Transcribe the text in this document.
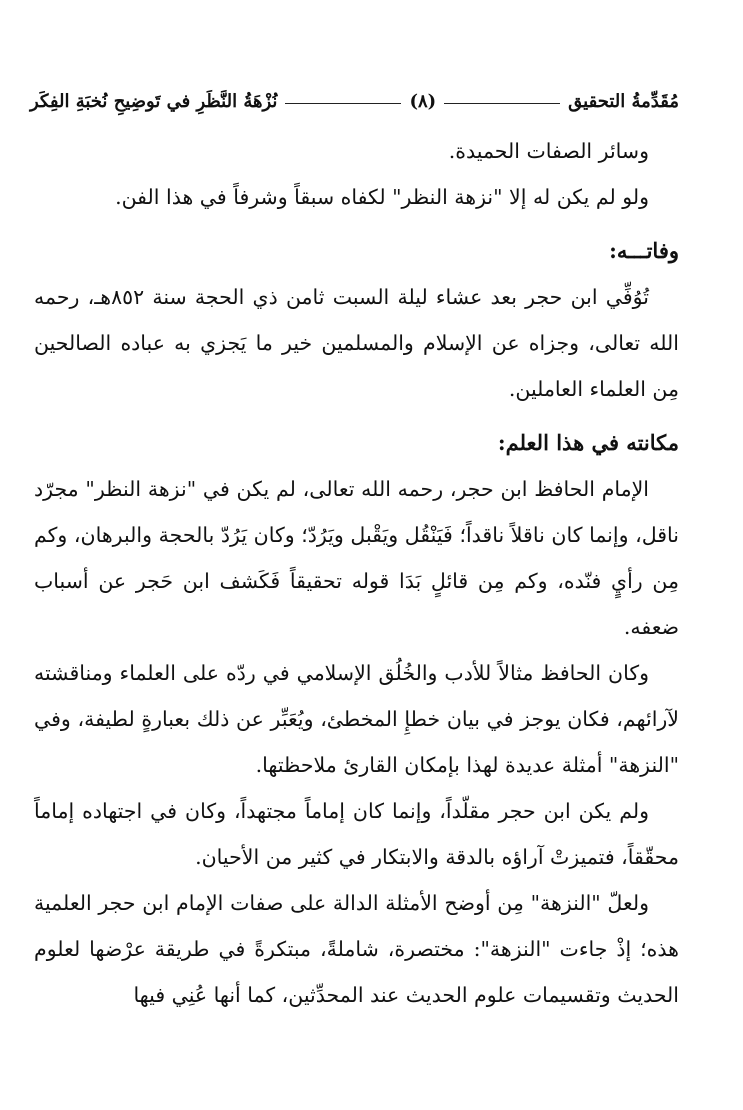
مُقَدِّمةُ التحقيق
(٨)
نُزْهَةُ النَّظَرِ في تَوضِيحِ نُخبَةِ الفِكَر

وسائر الصفات الحميدة.

ولو لم يكن له إلا "نزهة النظر" لكفاه سبقاً وشرفاً في هذا الفن.

وفاتـــه:

تُوُفِّي ابن حجر بعد عشاء ليلة السبت ثامن ذي الحجة سنة ٨٥٢هـ، رحمه الله تعالى، وجزاه عن الإسلام والمسلمين خير ما يَجزي به عباده الصالحين مِن العلماء العاملين.

مكانته في هذا العلم:

الإمام الحافظ ابن حجر، رحمه الله تعالى، لم يكن في "نزهة النظر" مجرّد ناقل، وإنما كان ناقلاً ناقداً؛ فَيَنْقُل ويَقْبل ويَرُدّ؛ وكان يَرُدّ بالحجة والبرهان، وكم مِن رأيٍ فنّده، وكم مِن قائلٍ بَدَا قوله تحقيقاً فَكَشف ابن حَجر عن أسباب ضعفه.

وكان الحافظ مثالاً للأدب والخُلُق الإسلامي في ردّه على العلماء ومناقشته لآرائهم، فكان يوجز في بيان خطإِ المخطئ، ويُعَبِّر عن ذلك بعبارةٍ لطيفة، وفي "النزهة" أمثلة عديدة لهذا بإمكان القارئ ملاحظتها.

ولم يكن ابن حجر مقلّداً، وإنما كان إماماً مجتهداً، وكان في اجتهاده إماماً محقّقاً، فتميزتْ آراؤه بالدقة والابتكار في كثير من الأحيان.

ولعلّ "النزهة" مِن أوضح الأمثلة الدالة على صفات الإمام ابن حجر العلمية هذه؛ إذْ جاءت "النزهة": مختصرة، شاملةً، مبتكرةً في طريقة عرْضها لعلوم الحديث وتقسيمات علوم الحديث عند المحدِّثين، كما أنها عُنِي فيها
